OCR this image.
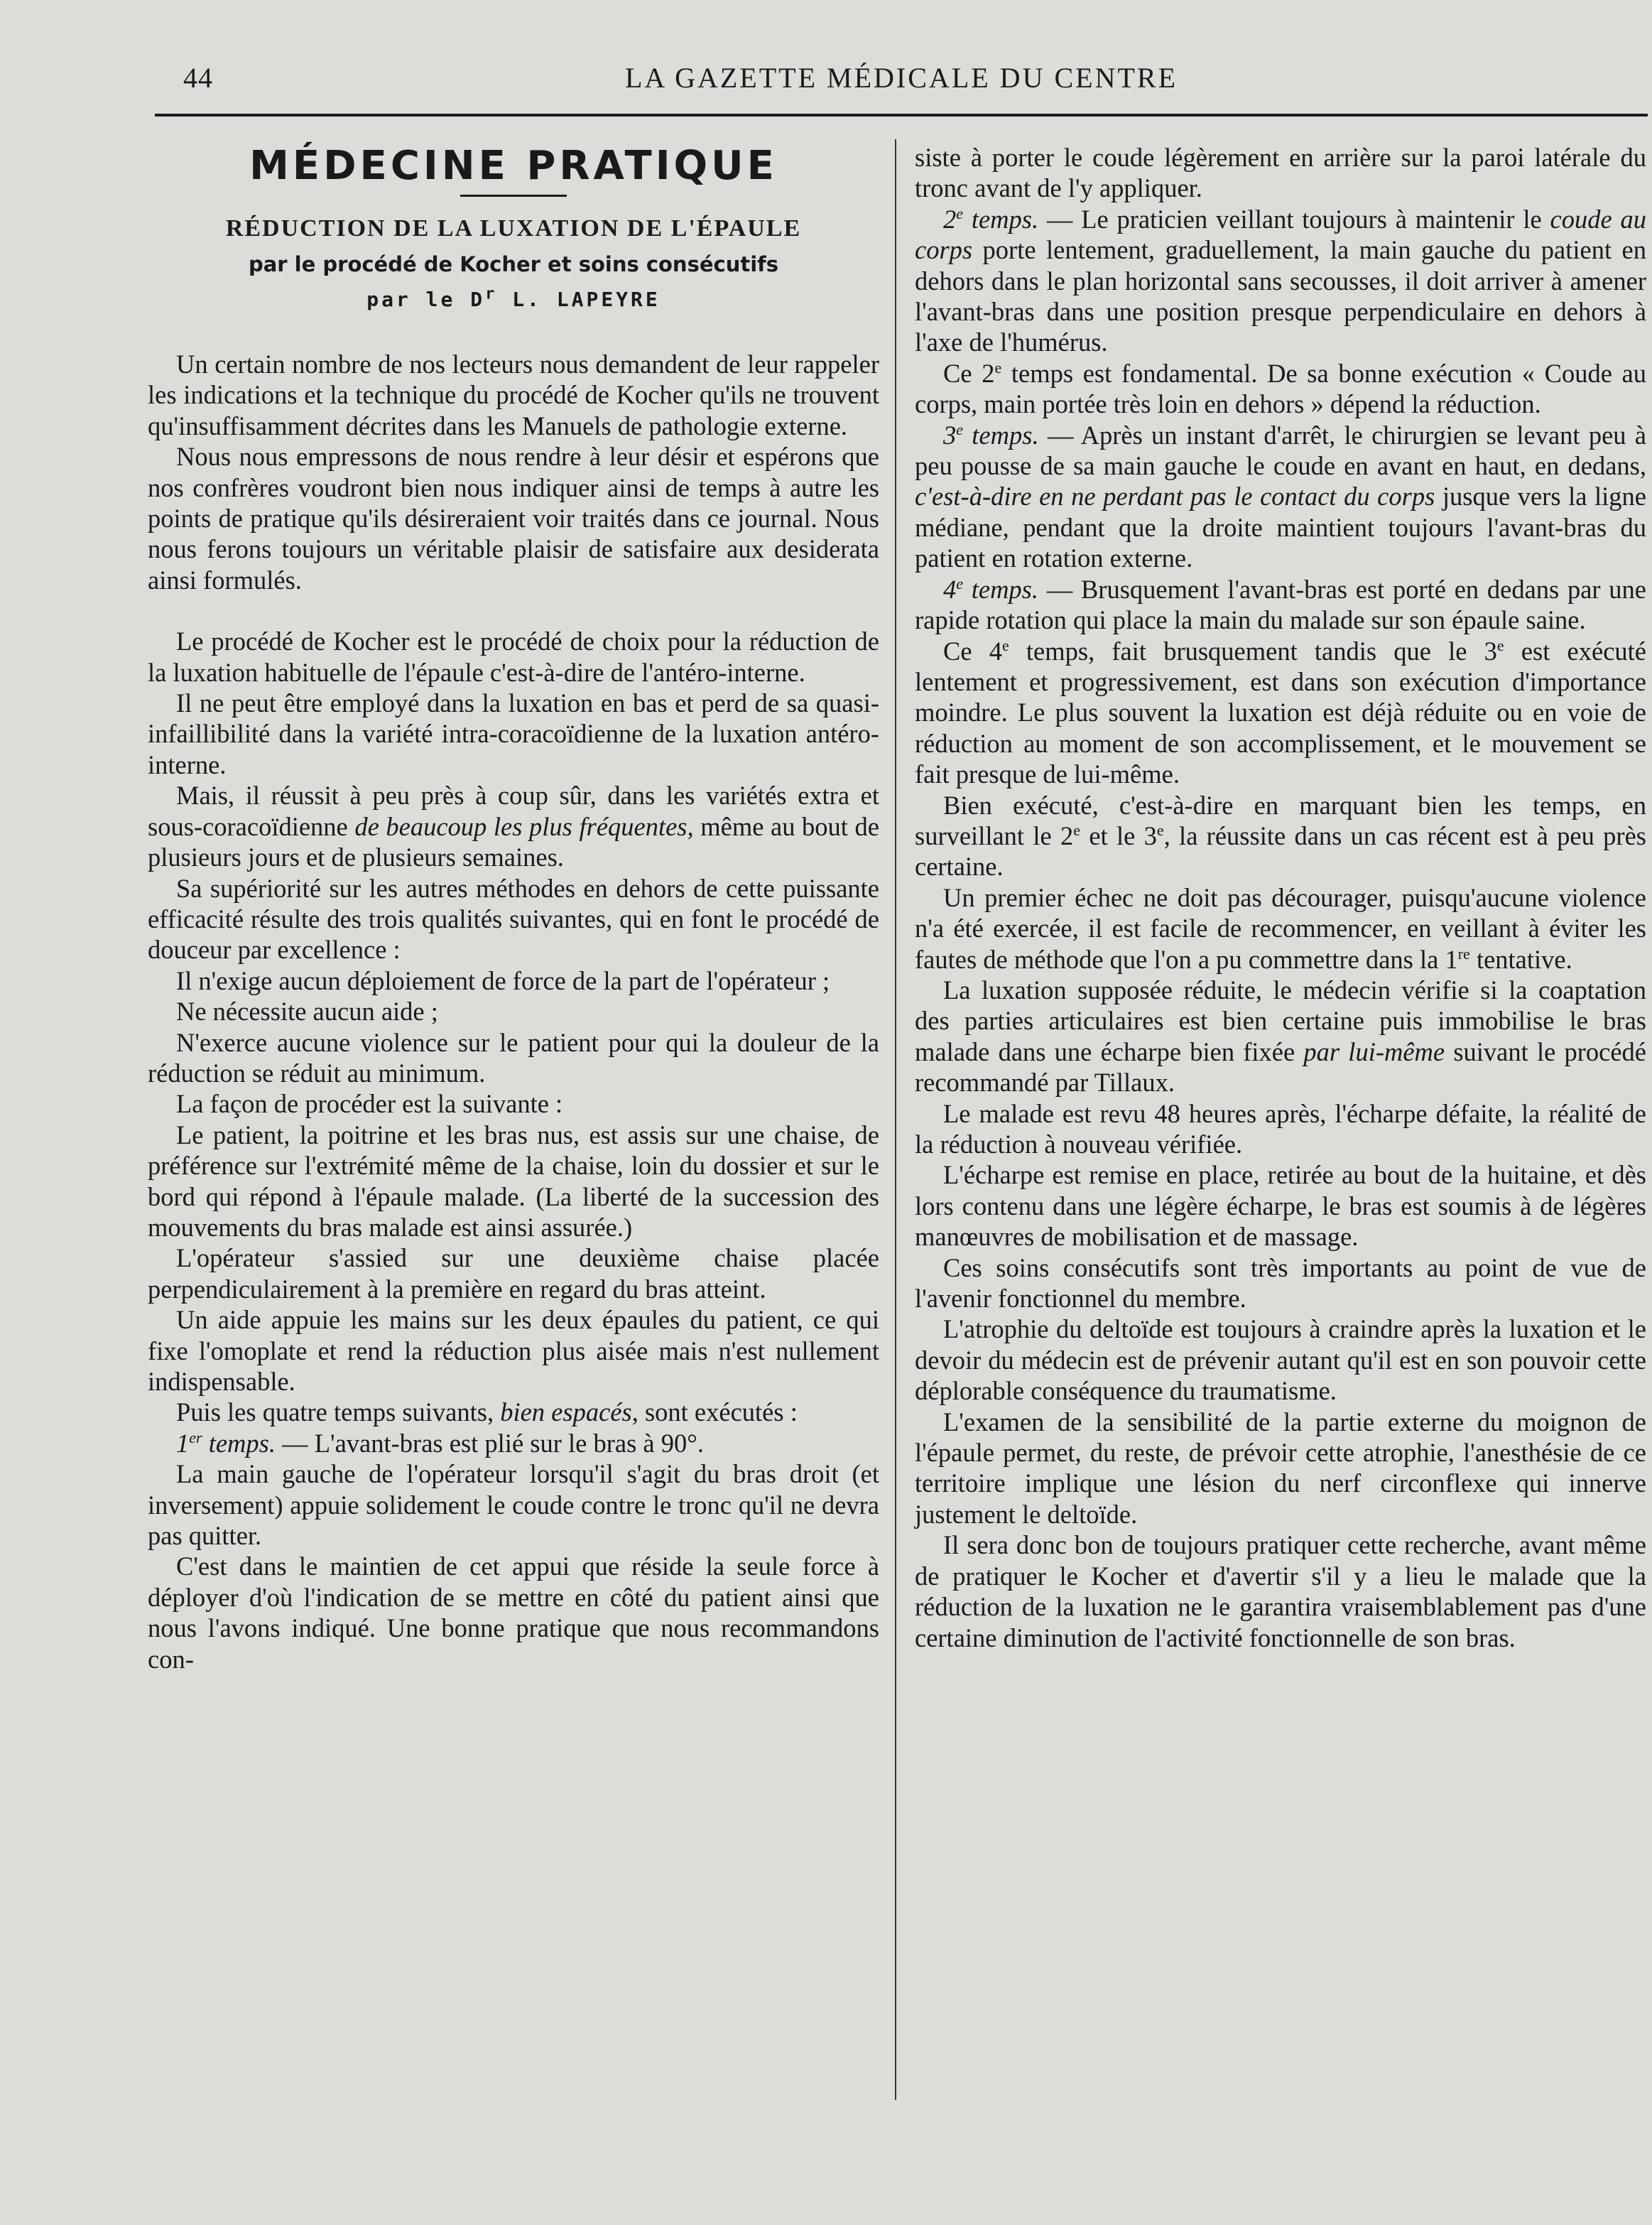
44	LA GAZETTE MÉDICALE DU CENTRE
MÉDECINE PRATIQUE
RÉDUCTION DE LA LUXATION DE L'ÉPAULE
par le procédé de Kocher et soins consécutifs
par le $D^r$ L. LAPEYRE

Un certain nombre de nos lecteurs nous demandent de leur rappeler les indications et la technique du procédé de Kocher qu'ils ne trouvent qu'insuffisamment décrites dans les Manuels de pathologie externe.

Nous nous empressons de nous rendre à leur désir et espérons que nos confrères voudront bien nous indiquer ainsi de temps à autre les points de pratique qu'ils désireraient voir traités dans ce journal. Nous nous ferons toujours un véritable plaisir de satisfaire aux desiderata ainsi formulés.

Le procédé de Kocher est le procédé de choix pour la réduction de la luxation habituelle de l'épaule c'est-à-dire de l'antéro-interne.

Il ne peut être employé dans la luxation en bas et perd de sa quasi-infaillibilité dans la variété intra-coracoïdienne de la luxation antéro-interne.

Mais, il réussit à peu près à coup sûr, dans les variétés extra et sous-coracoïdienne de beaucoup les plus fréquentes, même au bout de plusieurs jours et de plusieurs semaines.

Sa supériorité sur les autres méthodes en dehors de cette puissante efficacité résulte des trois qualités suivantes, qui en font le procédé de douceur par excellence :

Il n'exige aucun déploiement de force de la part de l'opérateur ;

Ne nécessite aucun aide ;

N'exerce aucune violence sur le patient pour qui la douleur de la réduction se réduit au minimum.

La façon de procéder est la suivante :

Le patient, la poitrine et les bras nus, est assis sur une chaise, de préférence sur l'extrémité même de la chaise, loin du dossier et sur le bord qui répond à l'épaule malade. (La liberté de la succession des mouvements du bras malade est ainsi assurée.)

L'opérateur s'assied sur une deuxième chaise placée perpendiculairement à la première en regard du bras atteint.

Un aide appuie les mains sur les deux épaules du patient, ce qui fixe l'omoplate et rend la réduction plus aisée mais n'est nullement indispensable.

Puis les quatre temps suivants, bien espacés, sont exécutés :

1er temps. — L'avant-bras est plié sur le bras à 90°.

La main gauche de l'opérateur lorsqu'il s'agit du bras droit (et inversement) appuie solidement le coude contre le tronc qu'il ne devra pas quitter.

C'est dans le maintien de cet appui que réside la seule force à déployer d'où l'indication de se mettre en côté du patient ainsi que nous l'avons indiqué. Une bonne pratique que nous recommandons con-

siste à porter le coude légèrement en arrière sur la paroi latérale du tronc avant de l'y appliquer.

2e temps. — Le praticien veillant toujours à maintenir le coude au corps porte lentement, graduellement, la main gauche du patient en dehors dans le plan horizontal sans secousses, il doit arriver à amener l'avant-bras dans une position presque perpendiculaire en dehors à l'axe de l'humérus.

Ce 2e temps est fondamental. De sa bonne exécution « Coude au corps, main portée très loin en dehors » dépend la réduction.

3e temps. — Après un instant d'arrêt, le chirurgien se levant peu à peu pousse de sa main gauche le coude en avant en haut, en dedans, c'est-à-dire en ne perdant pas le contact du corps jusque vers la ligne médiane, pendant que la droite maintient toujours l'avant-bras du patient en rotation externe.

4e temps. — Brusquement l'avant-bras est porté en dedans par une rapide rotation qui place la main du malade sur son épaule saine.

Ce 4e temps, fait brusquement tandis que le 3e est exécuté lentement et progressivement, est dans son exécution d'importance moindre. Le plus souvent la luxation est déjà réduite ou en voie de réduction au moment de son accomplissement, et le mouvement se fait presque de lui-même.

Bien exécuté, c'est-à-dire en marquant bien les temps, en surveillant le 2e et le 3e, la réussite dans un cas récent est à peu près certaine.

Un premier échec ne doit pas décourager, puisqu'aucune violence n'a été exercée, il est facile de recommencer, en veillant à éviter les fautes de méthode que l'on a pu commettre dans la 1re tentative.

La luxation supposée réduite, le médecin vérifie si la coaptation des parties articulaires est bien certaine puis immobilise le bras malade dans une écharpe bien fixée par lui-même suivant le procédé recommandé par Tillaux.

Le malade est revu 48 heures après, l'écharpe défaite, la réalité de la réduction à nouveau vérifiée.

L'écharpe est remise en place, retirée au bout de la huitaine, et dès lors contenu dans une légère écharpe, le bras est soumis à de légères manœuvres de mobilisation et de massage.

Ces soins consécutifs sont très importants au point de vue de l'avenir fonctionnel du membre.

L'atrophie du deltoïde est toujours à craindre après la luxation et le devoir du médecin est de prévenir autant qu'il est en son pouvoir cette déplorable conséquence du traumatisme.

L'examen de la sensibilité de la partie externe du moignon de l'épaule permet, du reste, de prévoir cette atrophie, l'anesthésie de ce territoire implique une lésion du nerf circonflexe qui innerve justement le deltoïde.

Il sera donc bon de toujours pratiquer cette recherche, avant même de pratiquer le Kocher et d'avertir s'il y a lieu le malade que la réduction de la luxation ne le garantira vraisemblablement pas d'une certaine diminution de l'activité fonctionnelle de son bras.
